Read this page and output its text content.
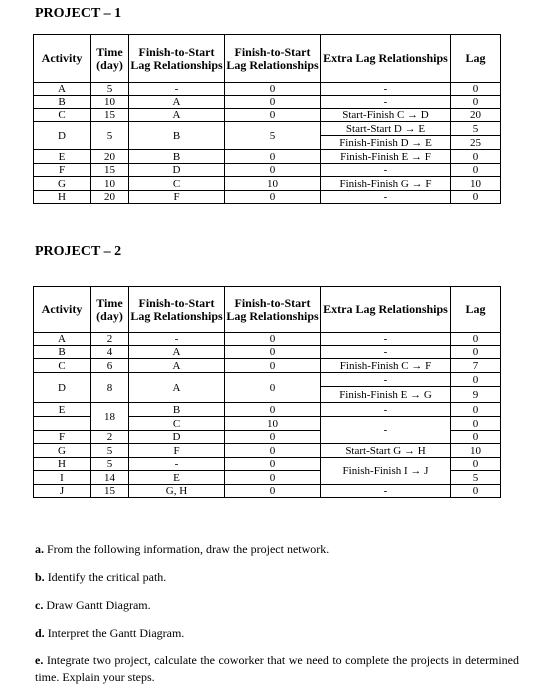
PROJECT – 1
Activity	Time (day)	Finish-to-Start Lag Relationships	Finish-to-Start Lag Relationships	Extra Lag Relationships	Lag
A	5	-	0	-	0
B	10	A	0	-	0
C	15	A	0	Start-Finish C → D	20
D	5	B	5	Start-Start D → E	5
				Finish-Finish D → E	25
E	20	B	0	Finish-Finish E → F	0
F	15	D	0	-	0
G	10	C	10	Finish-Finish G → F	10
H	20	F	0	-	0
PROJECT – 2
Activity	Time (day)	Finish-to-Start Lag Relationships	Finish-to-Start Lag Relationships	Extra Lag Relationships	Lag
A	2	-	0	-	0
B	4	A	0	-	0
C	6	A	0	Finish-Finish C → F	7
D	8	A	0	-	0
				Finish-Finish E → G	9
E	18	B	0	-	0
		C	10	-	0
F	2	D	0		0
G	5	F	0	Start-Start G → H	10
H	5	-	0	Finish-Finish I → J	0
I	14	E	0		5
J	15	G, H	0	-	0
a. From the following information, draw the project network.
b. Identify the critical path.
c. Draw Gantt Diagram.
d. Interpret the Gantt Diagram.
e. Integrate two project, calculate the coworker that we need to complete the projects in determined time. Explain your steps.
